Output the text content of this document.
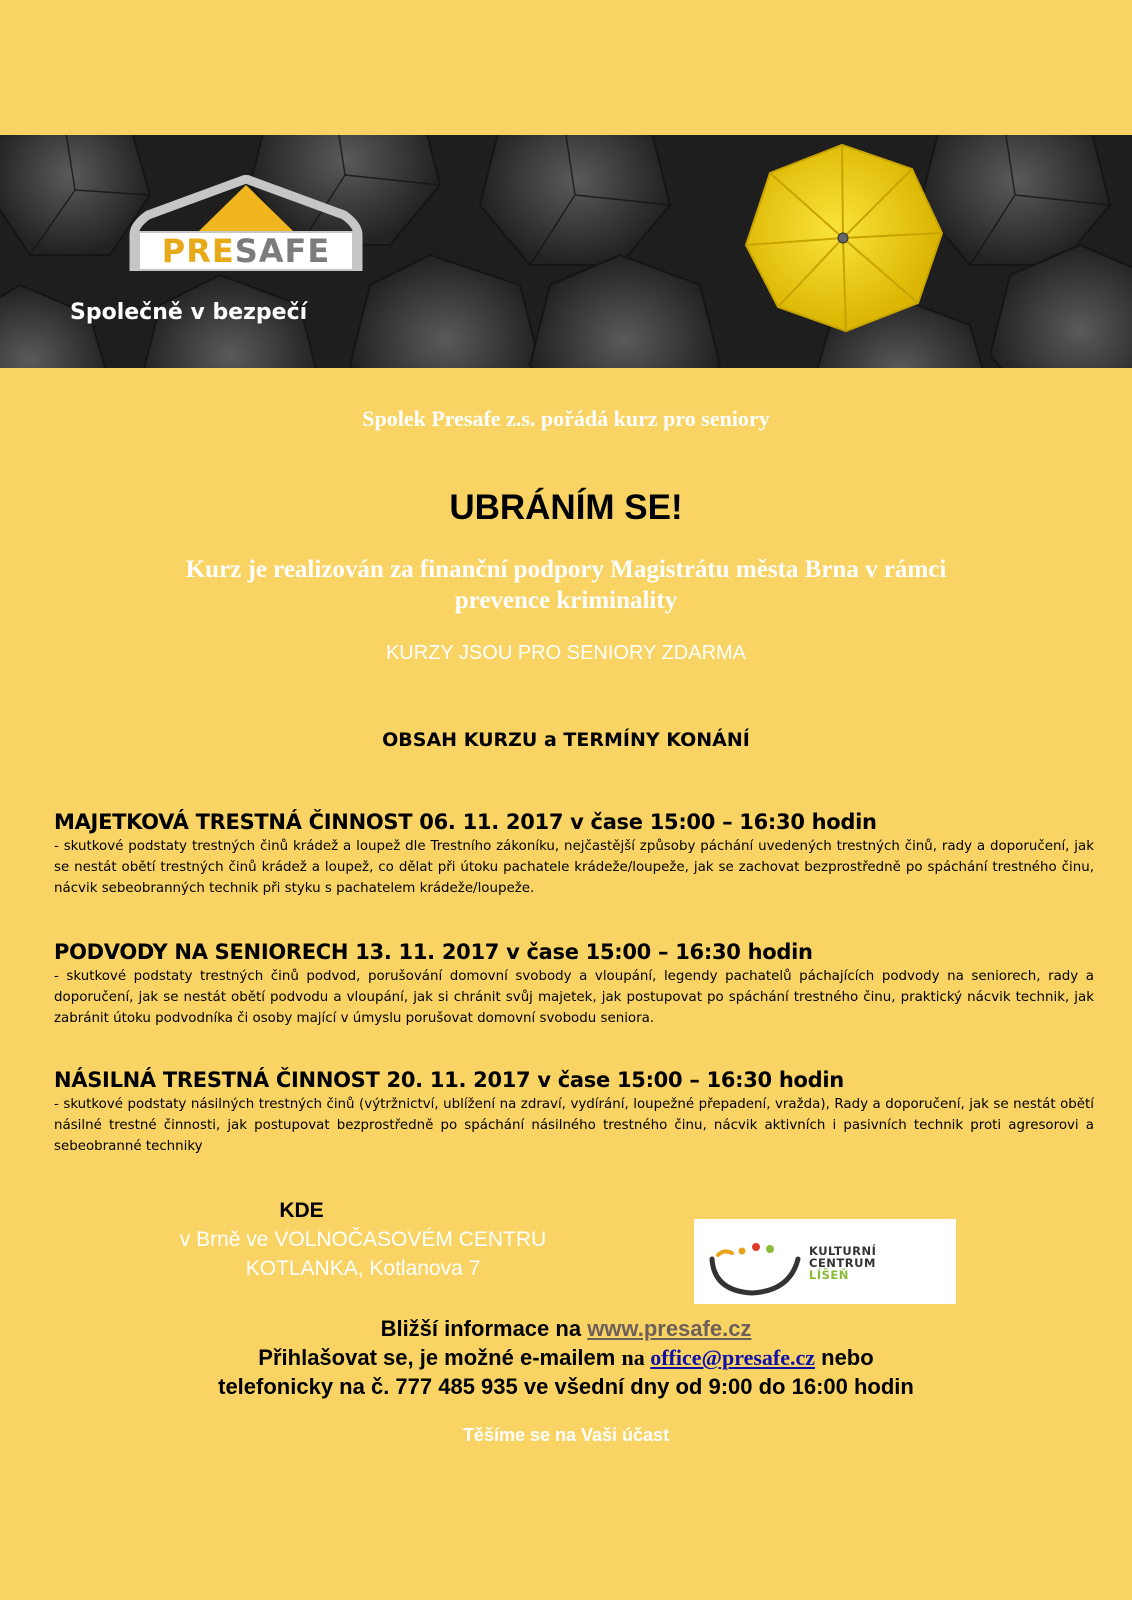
Společně v bezpečí
PRE SAFE
Spolek Presafe z.s. pořádá kurz pro seniory
UBRÁNÍM SE!
Kurz je realizován za finanční podpory Magistrátu města Brna v rámci
prevence kriminality
KURZY JSOU PRO SENIORY ZDARMA
OBSAH KURZU a TERMÍNY KONÁNÍ
MAJETKOVÁ TRESTNÁ ČINNOST 06. 11. 2017 v čase 15:00 – 16:30 hodin

- skutkové podstaty trestných činů krádež a loupež dle Trestního zákoníku, nejčastější způsoby páchání uvedených trestných činů, rady a doporučení, jak se nestát obětí trestných činů krádež a loupež, co dělat při útoku pachatele krádeže/loupeže, jak se zachovat bezprostředně po spáchání trestného činu, nácvik sebeobranných technik při styku s pachatelem krádeže/loupeže.

PODVODY NA SENIORECH 13. 11. 2017 v čase 15:00 – 16:30 hodin

- skutkové podstaty trestných činů podvod, porušování domovní svobody a vloupání, legendy pachatelů páchajících podvody na seniorech, rady a doporučení, jak se nestát obětí podvodu a vloupání, jak si chránit svůj majetek, jak postupovat po spáchání trestného činu, praktický nácvik technik, jak zabránit útoku podvodníka či osoby mající v úmyslu porušovat domovní svobodu seniora.

NÁSILNÁ TRESTNÁ ČINNOST 20. 11. 2017 v čase 15:00 – 16:30 hodin

- skutkové podstaty násilných trestných činů (výtržnictví, ublížení na zdraví, vydírání, loupežné přepadení, vražda), Rady a doporučení, jak se nestát obětí násilné trestné činnosti, jak postupovat bezprostředně po spáchání násilného trestného činu, nácvik aktivních i pasivních technik proti agresorovi a sebeobranné techniky

KDE
v Brně ve VOLNOČASOVÉM CENTRU
KOTLANKA, Kotlanova 7
KULTURNÍ
CENTRUM
LÍŠEŇ
Bližší informace na www.presafe.cz
Přihlašovat se, je možné e-mailem na office@presafe.cz nebo
telefonicky na č. 777 485 935 ve všední dny od 9:00 do 16:00 hodin
Těšíme se na Vaši účast
